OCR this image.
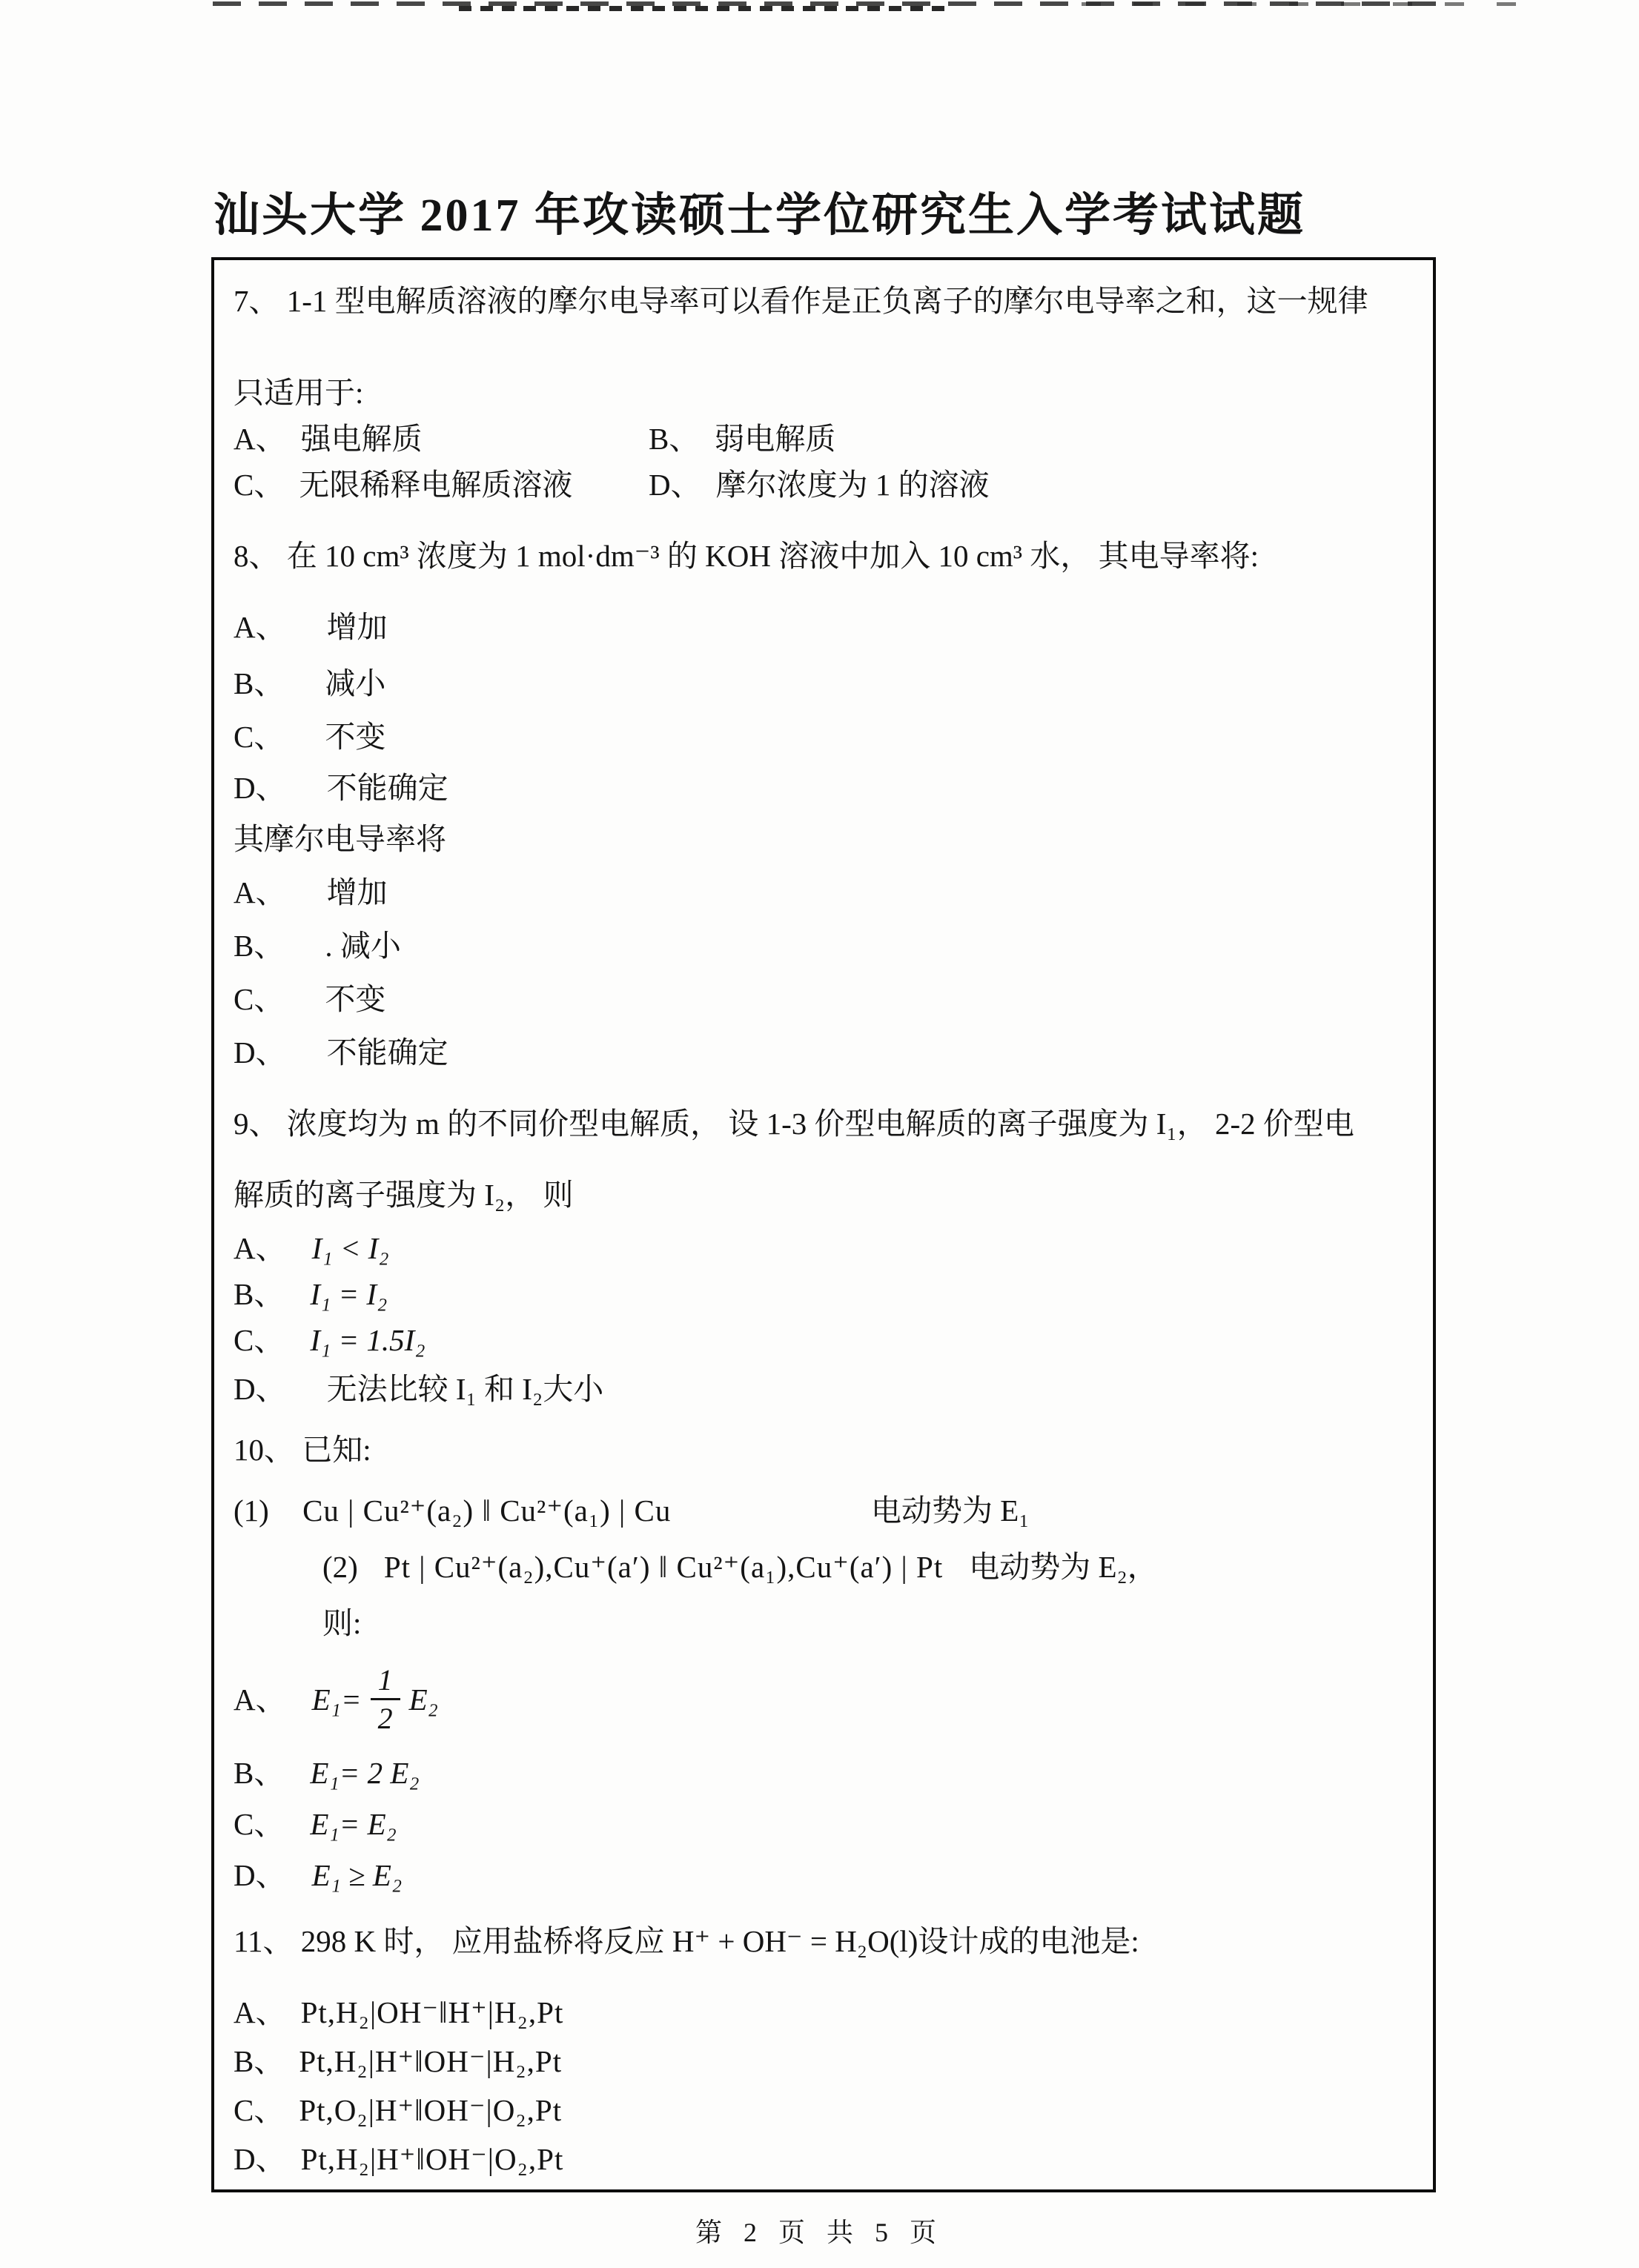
汕头大学 2017 年攻读硕士学位研究生入学考试试题
7、 1-1 型电解质溶液的摩尔电导率可以看作是正负离子的摩尔电导率之和，这一规律
只适用于:
A、 强电解质	B、 弱电解质
C、 无限稀释电解质溶液	D、 摩尔浓度为 1 的溶液
8、 在 10 cm³ 浓度为 1 mol·dm⁻³ 的 KOH 溶液中加入 10 cm³ 水， 其电导率将:
A、 增加
B、 减小
C、 不变
D、 不能确定
其摩尔电导率将
A、 增加
B、 . 减小
C、 不变
D、 不能确定
9、 浓度均为 m 的不同价型电解质， 设 1-3 价型电解质的离子强度为 I₁， 2-2 价型电
解质的离子强度为 I₂， 则
A、 I₁ < I₂
B、 I₁ = I₂
C、 I₁ = 1.5I₂
D、 无法比较 I₁ 和 I₂大小
10、 已知:
(1) Cu | Cu²⁺(a₂) ‖ Cu²⁺(a₁) | Cu	电动势为 E₁
(2) Pt | Cu²⁺(a₂),Cu⁺(a′) ‖ Cu²⁺(a₁),Cu⁺(a′) | Pt 电动势为 E₂，
则:
A、 $E_1= \frac{1}{2} E_2$
B、 E₁= 2 E₂
C、 E₁= E₂
D、 E₁ ≥ E₂
11、 298 K 时， 应用盐桥将反应 H⁺ + OH⁻ = H₂O(l)设计成的电池是:
A、 Pt,H₂|OH⁻‖H⁺|H₂,Pt
B、 Pt,H₂|H⁺‖OH⁻|H₂,Pt
C、 Pt,O₂|H⁺‖OH⁻|O₂,Pt
D、 Pt,H₂|H⁺‖OH⁻|O₂,Pt
第 2 页 共 5 页
